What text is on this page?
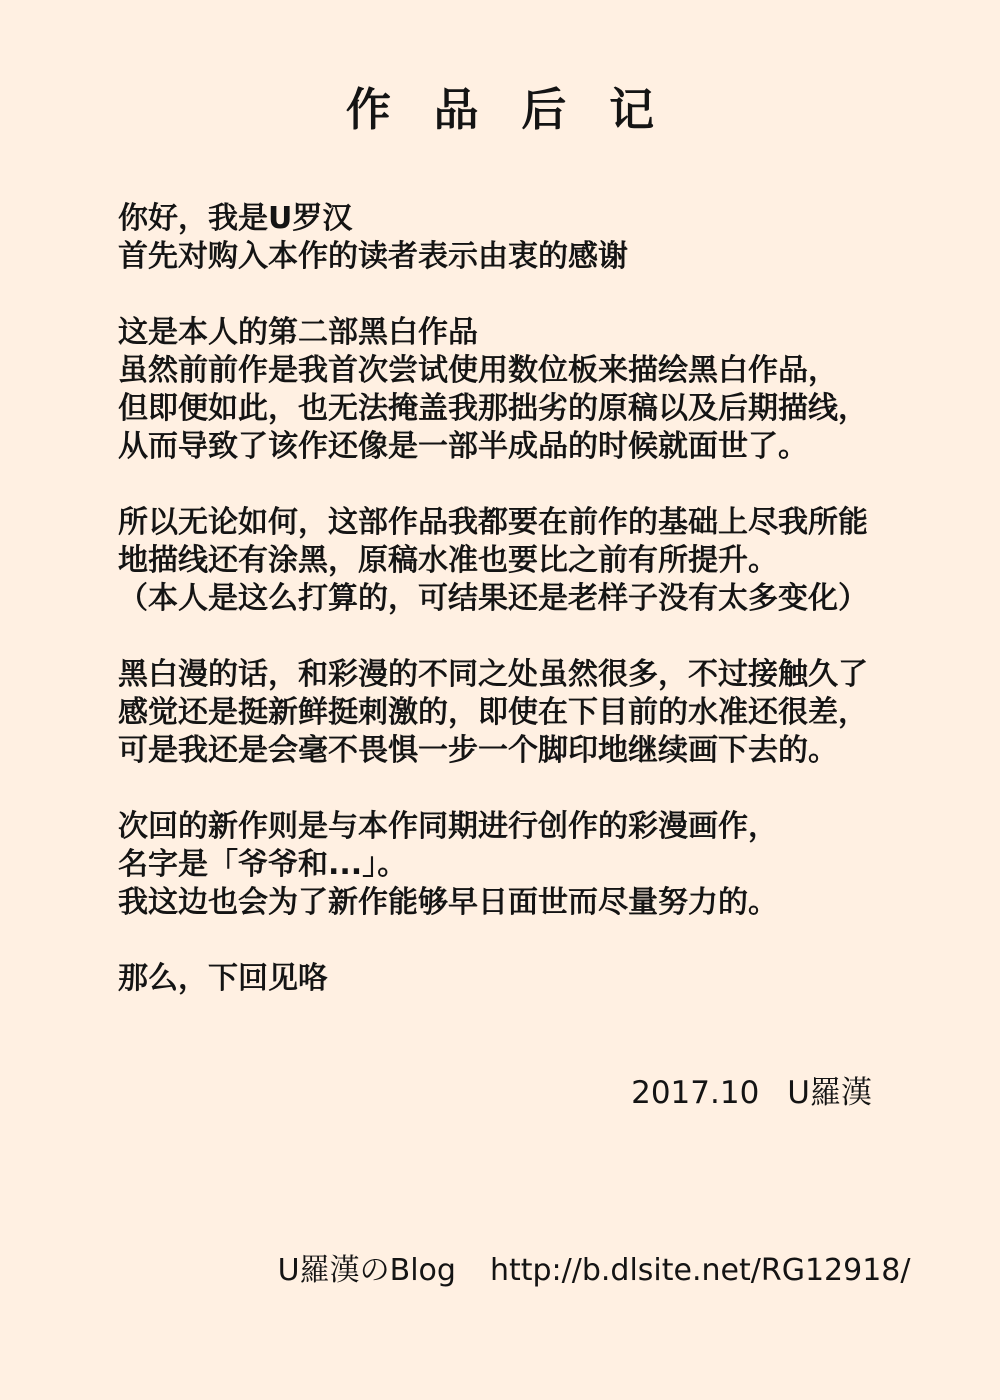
作品后记
你好，我是U罗汉
首先对购入本作的读者表示由衷的感谢
这是本人的第二部黑白作品
虽然前前作是我首次尝试使用数位板来描绘黑白作品，
但即便如此，也无法掩盖我那拙劣的原稿以及后期描线，
从而导致了该作还像是一部半成品的时候就面世了。
所以无论如何，这部作品我都要在前作的基础上尽我所能
地描线还有涂黑，原稿水准也要比之前有所提升。
（本人是这么打算的，可结果还是老样子没有太多变化）
黑白漫的话，和彩漫的不同之处虽然很多，不过接触久了
感觉还是挺新鲜挺刺激的，即使在下目前的水准还很差，
可是我还是会毫不畏惧一步一个脚印地继续画下去的。
次回的新作则是与本作同期进行创作的彩漫画作，
名字是「爷爷和...」。
我这边也会为了新作能够早日面世而尽量努力的。
那么，下回见咯

2017.10 U羅漢

U羅漢のBlog http://b.dlsite.net/RG12918/
